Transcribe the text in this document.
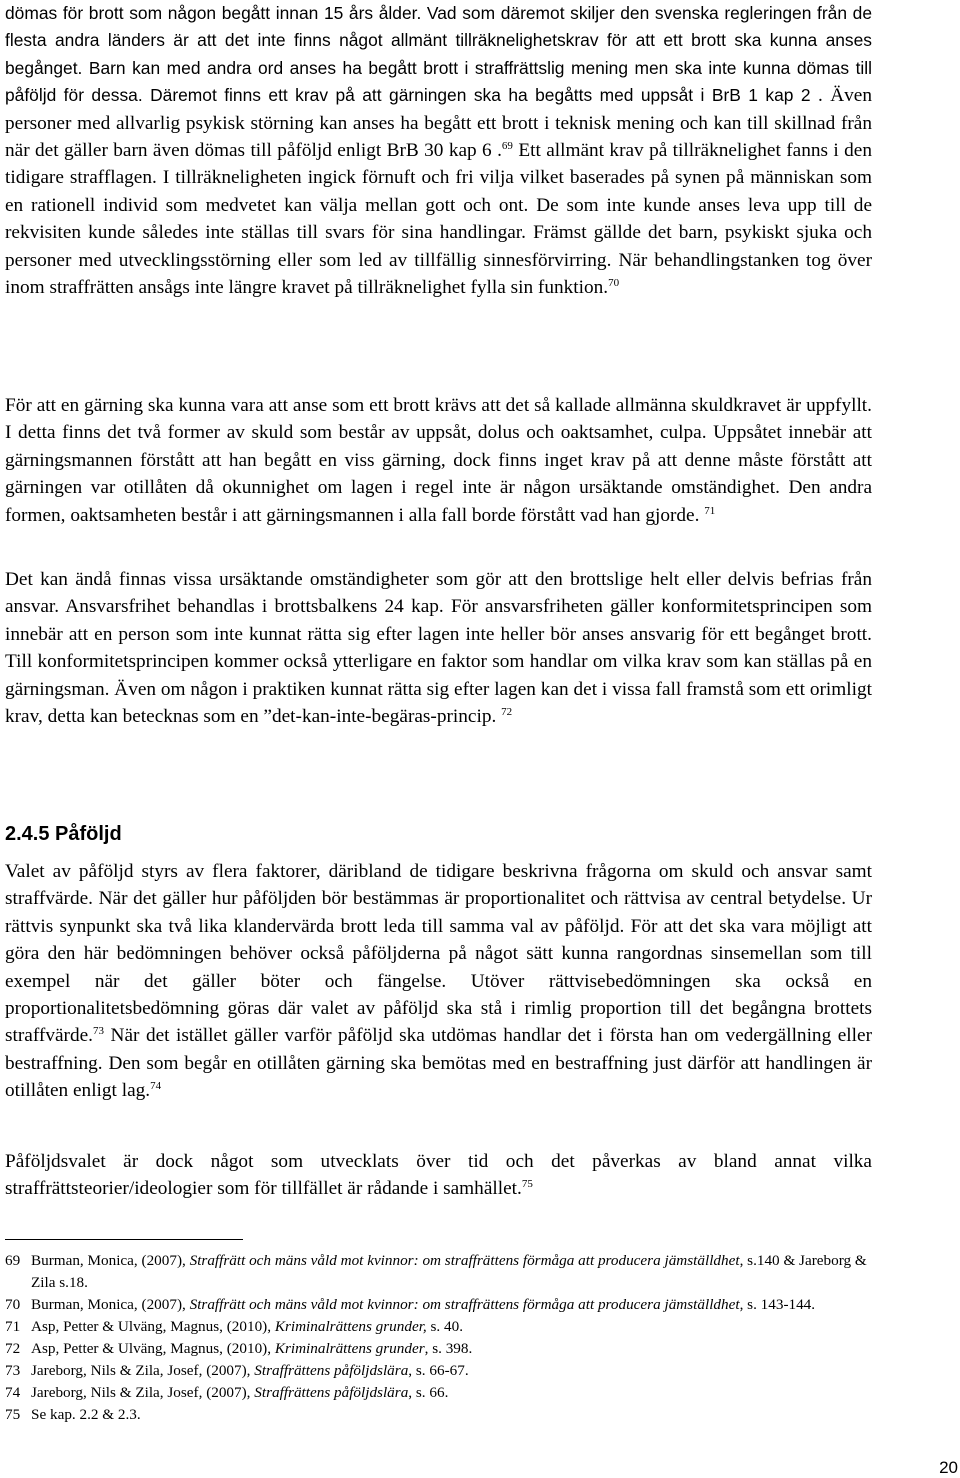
dömas för brott som någon begått innan 15 års ålder. Vad som däremot skiljer den svenska regleringen från de flesta andra länders är att det inte finns något allmänt tillräknelighetskrav för att ett brott ska kunna anses begånget. Barn kan med andra ord anses ha begått brott i straffrättslig mening men ska inte kunna dömas till påföljd för dessa. Däremot finns ett krav på att gärningen ska ha begåtts med uppsåt i BrB 1 kap 2 . Även personer med allvarlig psykisk störning kan anses ha begått ett brott i teknisk mening och kan till skillnad från när det gäller barn även dömas till påföljd enligt BrB 30 kap 6 .$^{69}$ Ett allmänt krav på tillräknelighet fanns i den tidigare strafflagen. I tillräkneligheten ingick förnuft och fri vilja vilket baserades på synen på människan som en rationell individ som medvetet kan välja mellan gott och ont. De som inte kunde anses leva upp till de rekvisiten kunde således inte ställas till svars för sina handlingar. Främst gällde det barn, psykiskt sjuka och personer med utvecklingsstörning eller som led av tillfällig sinnesförvirring. När behandlingstanken tog över inom straffrätten ansågs inte längre kravet på tillräknelighet fylla sin funktion.$^{70}$

För att en gärning ska kunna vara att anse som ett brott krävs att det så kallade allmänna skuldkravet är uppfyllt. I detta finns det två former av skuld som består av uppsåt, dolus och oaktsamhet, culpa. Uppsåtet innebär att gärningsmannen förstått att han begått en viss gärning, dock finns inget krav på att denne måste förstått att gärningen var otillåten då okunnighet om lagen i regel inte är någon ursäktande omständighet. Den andra formen, oaktsamheten består i att gärningsmannen i alla fall borde förstått vad han gjorde. $^{71}$

Det kan ändå finnas vissa ursäktande omständigheter som gör att den brottslige helt eller delvis befrias från ansvar. Ansvarsfrihet behandlas i brottsbalkens 24 kap. För ansvarsfriheten gäller konformitetsprincipen som innebär att en person som inte kunnat rätta sig efter lagen inte heller bör anses ansvarig för ett begånget brott. Till konformitetsprincipen kommer också ytterligare en faktor som handlar om vilka krav som kan ställas på en gärningsman. Även om någon i praktiken kunnat rätta sig efter lagen kan det i vissa fall framstå som ett orimligt krav, detta kan betecknas som en ”det-kan-inte-begäras-princip. $^{72}$

Valet av påföljd styrs av flera faktorer, däribland de tidigare beskrivna frågorna om skuld och ansvar samt straffvärde. När det gäller hur påföljden bör bestämmas är proportionalitet och rättvisa av central betydelse. Ur rättvis synpunkt ska två lika klandervärda brott leda till samma val av påföljd. För att det ska vara möjligt att göra den här bedömningen behöver också påföljderna på något sätt kunna rangordnas sinsemellan som till exempel när det gäller böter och fängelse. Utöver rättvisebedömningen ska också en proportionalitetsbedömning göras där valet av påföljd ska stå i rimlig proportion till det begångna brottets straffvärde.$^{73}$ När det istället gäller varför påföljd ska utdömas handlar det i första han om vedergällning eller bestraffning. Den som begår en otillåten gärning ska bemötas med en bestraffning just därför att handlingen är otillåten enligt lag.$^{74}$

Påföljdsvalet är dock något som utvecklats över tid och det påverkas av bland annat vilka straffrättsteorier/ideologier som för tillfället är rådande i samhället.$^{75}$

2.4.5 Påföljd
69 Burman, Monica, (2007), Straffrätt och mäns våld mot kvinnor: om straffrättens förmåga att producera jämställdhet, s.140 & Jareborg & Zila s.18.
70 Burman, Monica, (2007), Straffrätt och mäns våld mot kvinnor: om straffrättens förmåga att producera jämställdhet, s. 143-144.
71 Asp, Petter & Ulväng, Magnus, (2010), Kriminalrättens grunder, s. 40.
72 Asp, Petter & Ulväng, Magnus, (2010), Kriminalrättens grunder, s. 398.
73 Jareborg, Nils & Zila, Josef, (2007), Straffrättens påföljdslära, s. 66-67.
74 Jareborg, Nils & Zila, Josef, (2007), Straffrättens påföljdslära, s. 66.
75 Se kap. 2.2 & 2.3.
20
